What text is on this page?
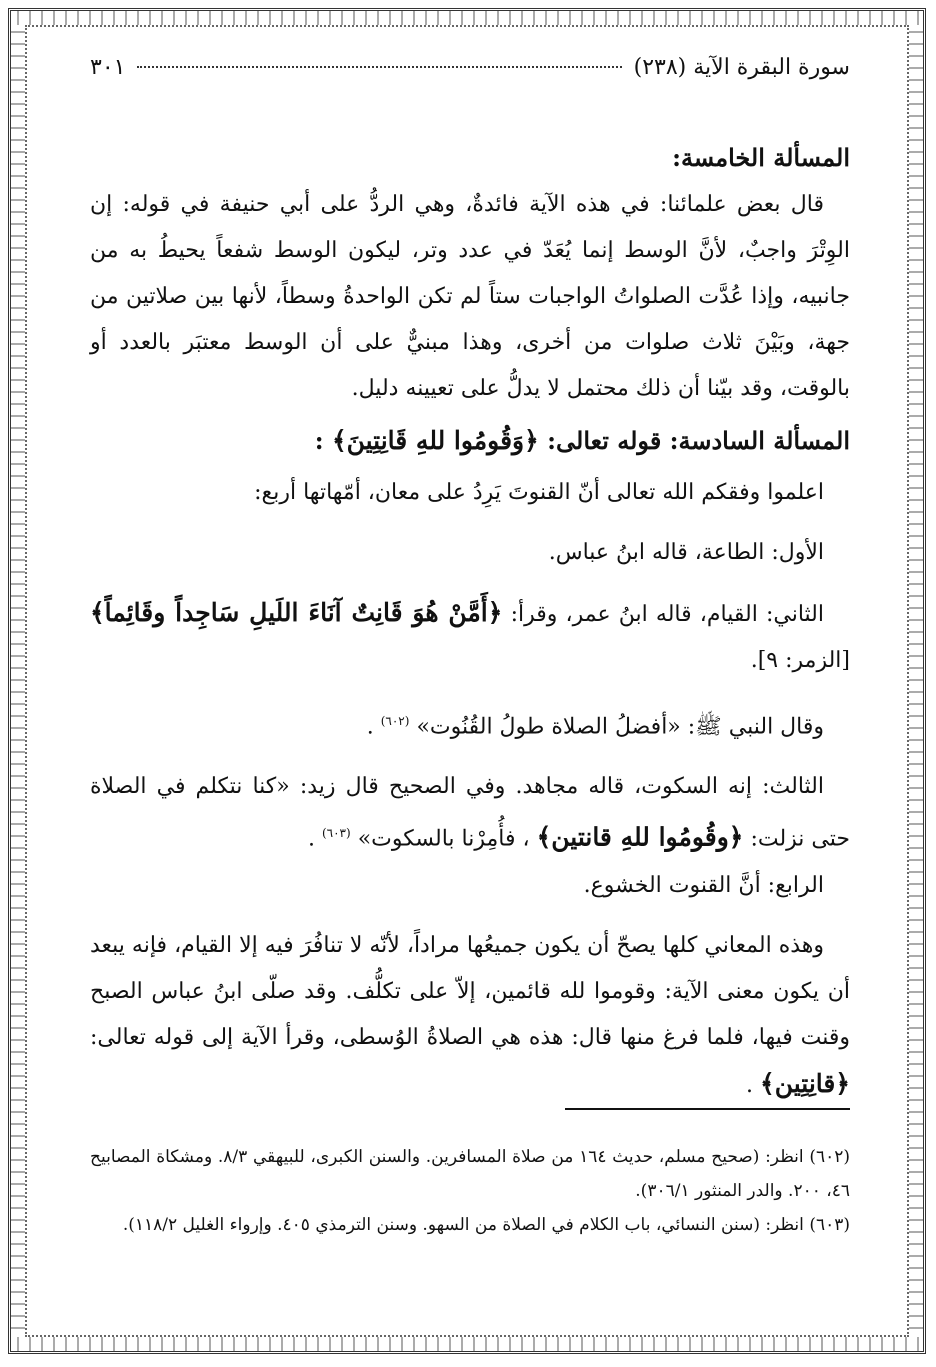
سورة البقرة الآية (٢٣٨)
٣٠١
المسألة الخامسة:

قال بعض علمائنا: في هذه الآية فائدةٌ، وهي الردُّ على أبي حنيفة في قوله: إن الوِتْرَ واجبٌ، لأنَّ الوسط إنما يُعَدّ في عدد وتر، ليكون الوسط شفعاً يحيطُ به من جانبيه، وإذا عُدَّت الصلواتُ الواجبات ستاً لم تكن الواحدةُ وسطاً، لأنها بين صلاتين من جهة، وبَيْنَ ثلاث صلوات من أخرى، وهذا مبنيٌّ على أن الوسط معتبَر بالعدد أو بالوقت، وقد بيّنا أن ذلك محتمل لا يدلُّ على تعيينه دليل.

المسألة السادسة: قوله تعالى: ﴿وَقُومُوا للهِ قَانِتِينَ﴾ :

اعلموا وفقكم الله تعالى أنّ القنوتَ يَرِدُ على معان، أمّهاتها أربع:

الأول: الطاعة، قاله ابنُ عباس.

الثاني: القيام، قاله ابنُ عمر، وقرأ: ﴿أَمَّنْ هُوَ قَانِتٌ آنَاءَ اللَيلِ سَاجِداً وقَائِماً﴾ [الزمر: ٩].

وقال النبي ﷺ: «أفضلُ الصلاة طولُ القُنُوت» $^{(٦٠٢)}$ .

الثالث: إنه السكوت، قاله مجاهد. وفي الصحيح قال زيد: «كنا نتكلم في الصلاة حتى نزلت: ﴿وقُومُوا للهِ قانتين﴾ ، فأُمِرْنا بالسكوت» $^{(٦٠٣)}$ .

الرابع: أنَّ القنوت الخشوع.

وهذه المعاني كلها يصحّ أن يكون جميعُها مراداً، لأنّه لا تنافُرَ فيه إلا القيام، فإنه يبعد أن يكون معنى الآية: وقوموا لله قائمين، إلاّ على تكلُّف. وقد صلّى ابنُ عباس الصبح وقنت فيها، فلما فرغ منها قال: هذه هي الصلاةُ الوُسطى، وقرأ الآية إلى قوله تعالى: ﴿قانِتِين﴾ .

(٦٠٢) انظر: (صحيح مسلم، حديث ١٦٤ من صلاة المسافرين. والسنن الكبرى، للبيهقي ٨/٣. ومشكاة المصابيح ٤٦، ٢٠٠. والدر المنثور ٣٠٦/١).

(٦٠٣) انظر: (سنن النسائي، باب الكلام في الصلاة من السهو. وسنن الترمذي ٤٠٥. وإرواء الغليل ١١٨/٢).
